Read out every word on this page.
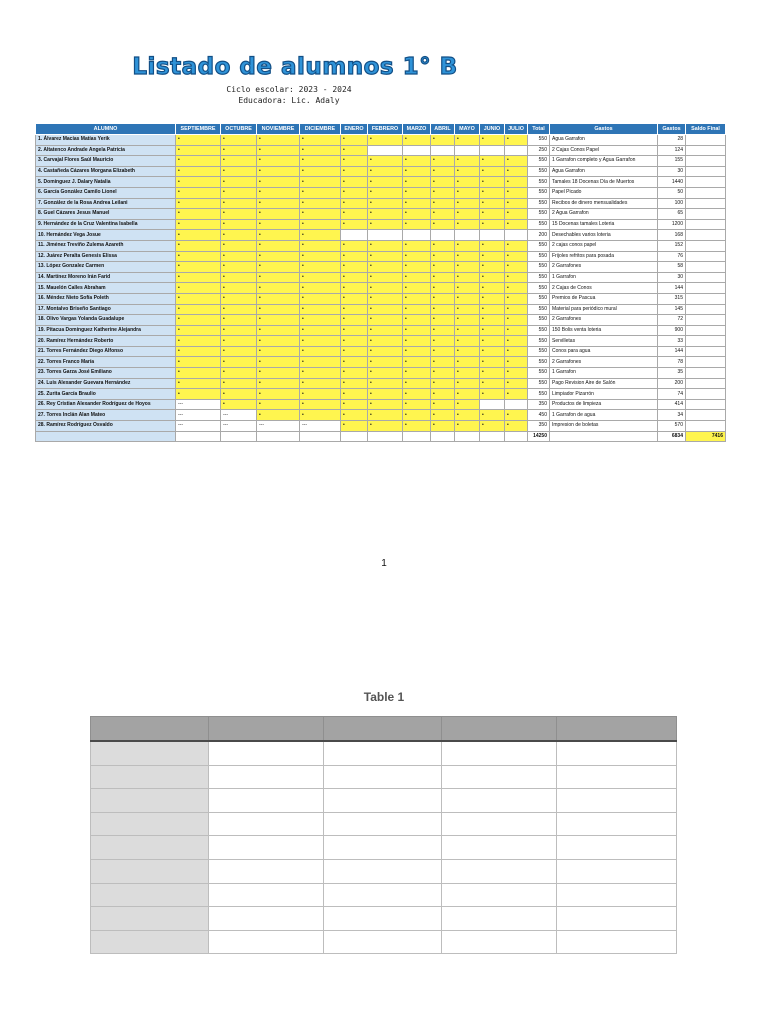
Listado de alumnos 1° B
Ciclo escolar: 2023 - 2024
Educadora: Lic. Adaly
ALUMNO	SEPTIEMBRE	OCTUBRE	NOVIEMBRE	DICIEMBRE	ENERO	FEBRERO	MARZO	ABRIL	MAYO	JUNIO	JULIO	Total	Gastos	Gastos	Saldo Final
1. Álvarez Macías Matías Yerik	•	•	•	•	•	•	•	•	•	•	•	550	Agua Garrafon	28	
2. Altatenco Andrade Angela Patricia	•	•	•	•	•							250	2 Cajas Conos Papel	124	
3. Carvajal Flores Saúl Mauricio	•	•	•	•	•	•	•	•	•	•	•	550	1 Garrafon completo y Agua Garrafon	155	
4. Castañeda Cázares Morgana Elizabeth	•	•	•	•	•	•	•	•	•	•	•	550	Agua Garrafon	30	
5. Domínguez J. Dalary Natalia	•	•	•	•	•	•	•	•	•	•	•	550	Tamales 18 Docenas Día de Muertos	1440	
6. García González Camilo Lionel	•	•	•	•	•	•	•	•	•	•	•	550	Papel Picado	50	
7. González de la Rosa Andrea Leilani	•	•	•	•	•	•	•	•	•	•	•	550	Recibos de dinero mensualidades	100	
8. Guel Cázares Jesus Manuel	•	•	•	•	•	•	•	•	•	•	•	550	2 Agua Garrafon	65	
9. Hernández de la Cruz Valentina Isabella	•	•	•	•	•	•	•	•	•	•	•	550	15 Docenas tamales Loteria	1200	
10. Hernández Vega Josue	•	•	•	•								200	Desechables varios loteria	168	
11. Jiménez Treviño Zulema Azareth	•	•	•	•	•	•	•	•	•	•	•	550	2 cajas conos papel	152	
12. Juárez Peralta Genesis Elissa	•	•	•	•	•	•	•	•	•	•	•	550	Frijoles refritos para posada	76	
13. López Gonzalez Carmen	•	•	•	•	•	•	•	•	•	•	•	550	2 Garrafones	58	
14. Martínez Moreno Irán Farid	•	•	•	•	•	•	•	•	•	•	•	550	1 Garrafon	30	
15. Mauelón Calles Abraham	•	•	•	•	•	•	•	•	•	•	•	550	2 Cajas de Conos	144	
16. Méndez Nieto Sofía Poleth	•	•	•	•	•	•	•	•	•	•	•	550	Premios de Pascua	315	
17. Montalvo Briseño Santiago	•	•	•	•	•	•	•	•	•	•	•	550	Material para periódico mural	145	
18. Olivo Vargas Yolanda Guadalupe	•	•	•	•	•	•	•	•	•	•	•	550	2 Garrafones	72	
19. Pitacua Domínguez Katherine Alejandra	•	•	•	•	•	•	•	•	•	•	•	550	150 Bolis venta loteria	900	
20. Ramírez Hernández Roberto	•	•	•	•	•	•	•	•	•	•	•	550	Servilletas	33	
21. Torres Fernández Diego Alfonso	•	•	•	•	•	•	•	•	•	•	•	550	Conos para agua	144	
22. Torres Franco María	•	•	•	•	•	•	•	•	•	•	•	550	2 Garrafones	78	
23. Torres Garza José Emiliano	•	•	•	•	•	•	•	•	•	•	•	550	1 Garrafon	35	
24. Luis Alexander Guevara Hernández	•	•	•	•	•	•	•	•	•	•	•	550	Pago Revision Aire de Salón	200	
25. Zurita García Braulio	•	•	•	•	•	•	•	•	•	•	•	550	Limpiador Pizarrón	74	
26. Rey Cristian Alexander Rodríguez de Hoyos	---	•	•	•	•	•	•	•	•			350	Productos de limpieza	414	
27. Torres Inclán Alan Mateo	---	---	•	•	•	•	•	•	•	•	•	450	1 Garrafon de agua	34	
28. Ramírez Rodríguez Osvaldo	---	---	---	---	•	•	•	•	•	•	•	350	Impresion de boletas	570	
												14250		6834	7416
1
Table 1
